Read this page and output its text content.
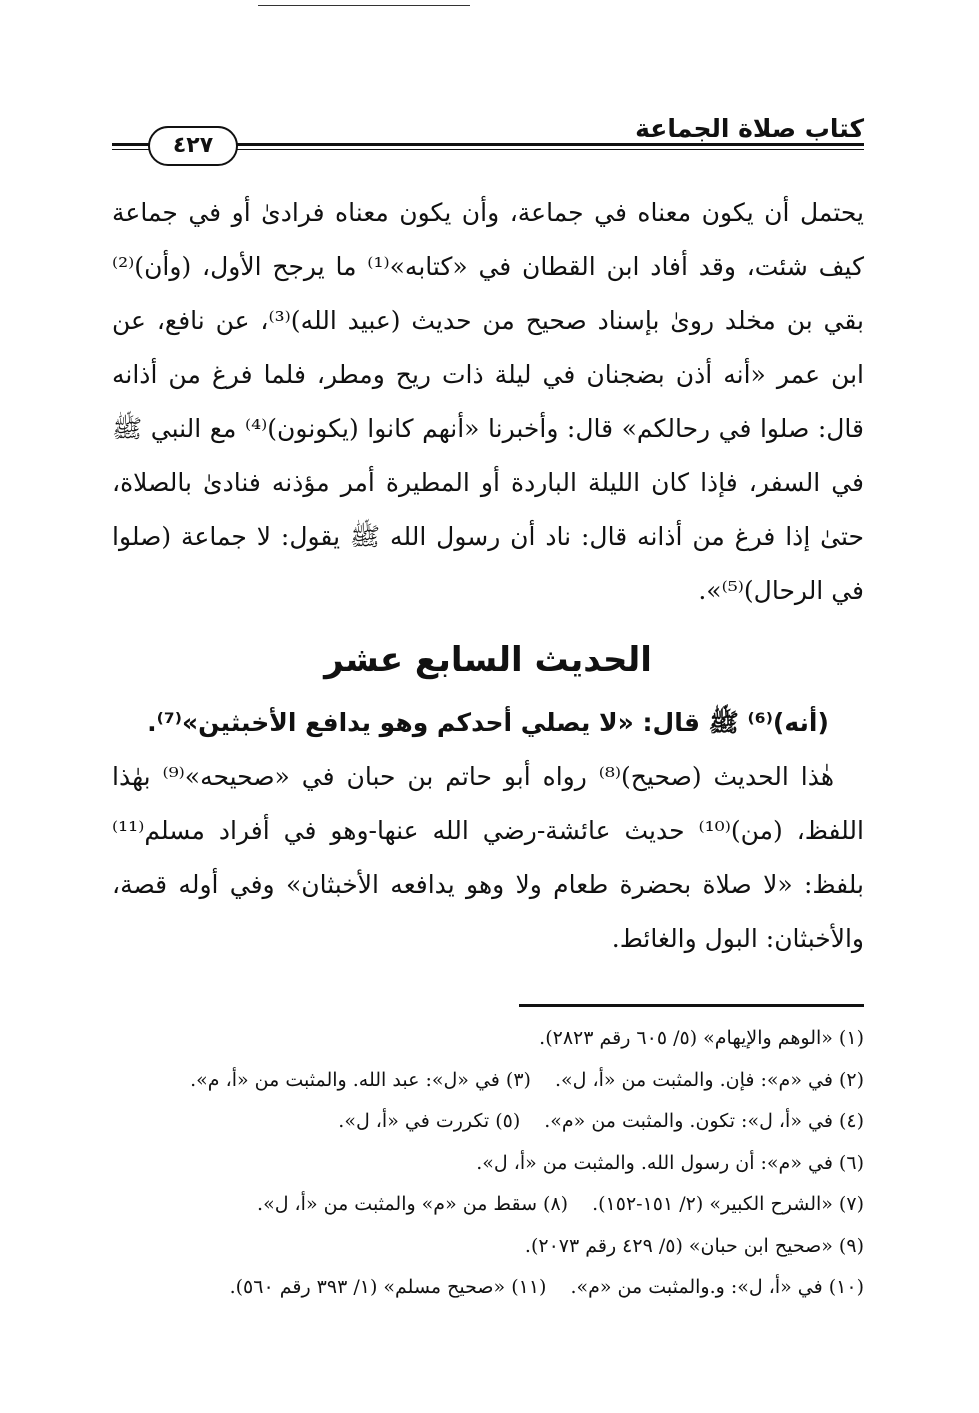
كتاب صلاة الجماعة
٤٢٧

يحتمل أن يكون معناه في جماعة، وأن يكون معناه فرادىٰ أو في جماعة كيف شئت، وقد أفاد ابن القطان في «كتابه»⁽¹⁾ ما يرجح الأول، (وأن)⁽²⁾ بقي بن مخلد روىٰ بإسناد صحيح من حديث (عبيد الله)⁽³⁾، عن نافع، عن ابن عمر «أنه أذن بضجنان في ليلة ذات ريح ومطر، فلما فرغ من أذانه قال: صلوا في رحالكم» قال: وأخبرنا «أنهم كانوا (يكونون)⁽⁴⁾ مع النبي ﷺ في السفر، فإذا كان الليلة الباردة أو المطيرة أمر مؤذنه فنادىٰ بالصلاة، حتىٰ إذا فرغ من أذانه قال: ناد أن رسول الله ﷺ يقول: لا جماعة (صلوا في الرحال)⁽⁵⁾».

الحديث السابع عشر

(أنه)⁽⁶⁾ ﷺ قال: «لا يصلي أحدكم وهو يدافع الأخبثين»⁽⁷⁾.

هٰذا الحديث (صحيح)⁽⁸⁾ رواه أبو حاتم بن حبان في «صحيحه»⁽⁹⁾ بهٰذا اللفظ، (من)⁽¹⁰⁾ حديث عائشة-رضي الله عنها-وهو في أفراد مسلم⁽¹¹⁾ بلفظ: «لا صلاة بحضرة طعام ولا وهو يدافعه الأخبثان» وفي أوله قصة، والأخبثان: البول والغائط.

(١) «الوهم والإيهام» (٥/ ٦٠٥ رقم ٢٨٢٣).

(٢) في «م»: فإن. والمثبت من «أ، ل».(٣) في «ل»: عبد الله. والمثبت من «أ، م».

(٤) في «أ، ل»: تكون. والمثبت من «م».(٥) تكررت في «أ، ل».

(٦) في «م»: أن رسول الله. والمثبت من «أ، ل».

(٧) «الشرح الكبير» (٢/ ١٥١-١٥٢).(٨) سقط من «م» والمثبت من «أ، ل».

(٩) «صحيح ابن حبان» (٥/ ٤٢٩ رقم ٢٠٧٣).

(١٠) في «أ، ل»: و.والمثبت من «م».(١١) «صحيح مسلم» (١/ ٣٩٣ رقم ٥٦٠).
